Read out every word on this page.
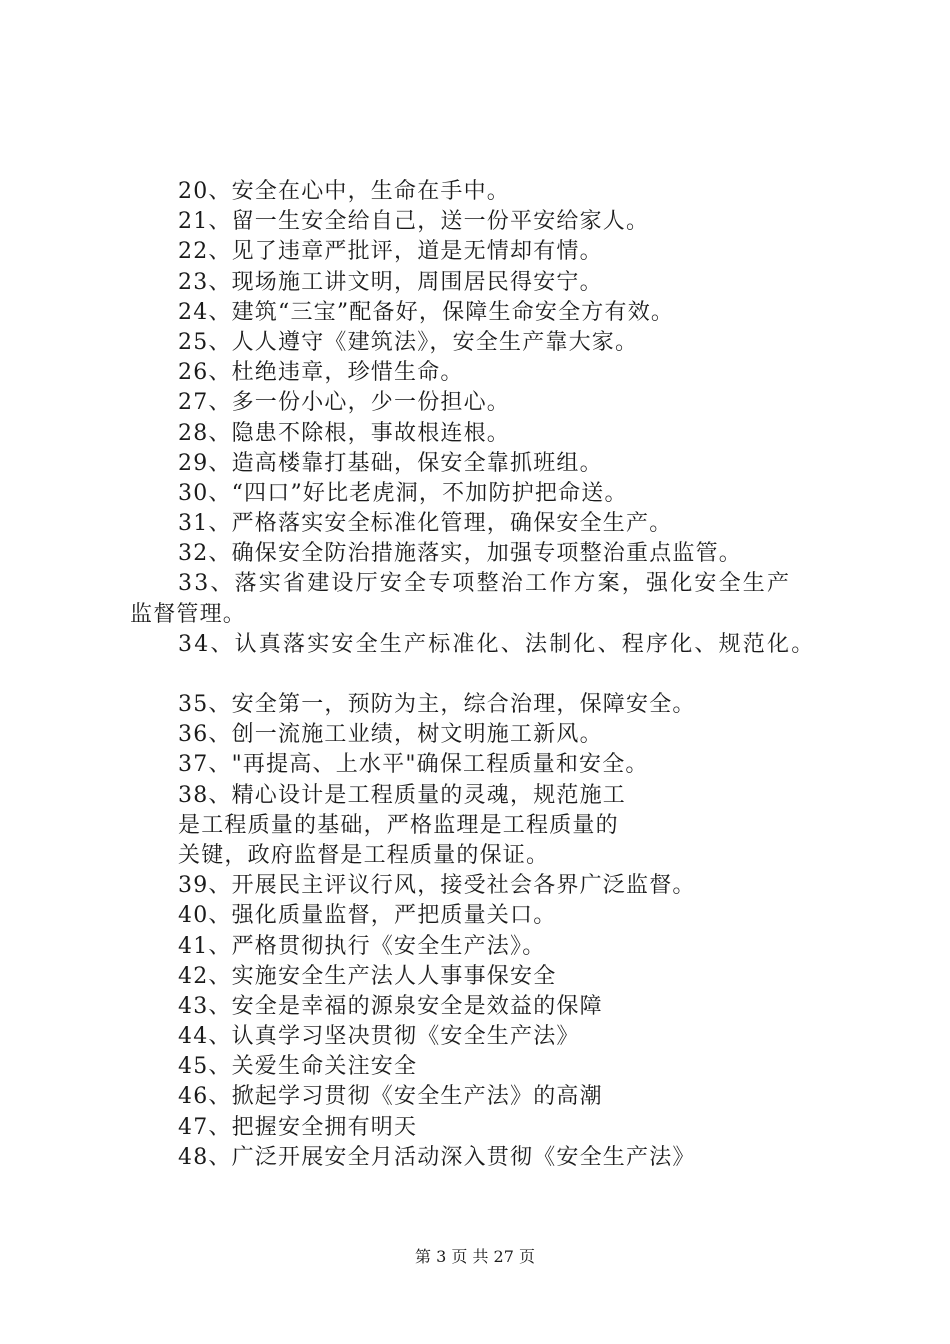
20、安全在心中，生命在手中。
21、留一生安全给自己，送一份平安给家人。
22、见了违章严批评，道是无情却有情。
23、现场施工讲文明，周围居民得安宁。
24、建筑“三宝”配备好，保障生命安全方有效。
25、人人遵守《建筑法》，安全生产靠大家。
26、杜绝违章，珍惜生命。
27、多一份小心，少一份担心。
28、隐患不除根，事故根连根。
29、造高楼靠打基础，保安全靠抓班组。
30、“四口”好比老虎洞，不加防护把命送。
31、严格落实安全标准化管理，确保安全生产。
32、确保安全防治措施落实，加强专项整治重点监管。
33、落实省建设厅安全专项整治工作方案，强化安全生产
监督管理。
34、认真落实安全生产标准化、法制化、程序化、规范化。
35、安全第一，预防为主，综合治理，保障安全。
36、创一流施工业绩，树文明施工新风。
37、"再提高、上水平"确保工程质量和安全。
38、精心设计是工程质量的灵魂，规范施工
是工程质量的基础，严格监理是工程质量的
关键，政府监督是工程质量的保证。
39、开展民主评议行风，接受社会各界广泛监督。
40、强化质量监督，严把质量关口。
41、严格贯彻执行《安全生产法》。
42、实施安全生产法人人事事保安全
43、安全是幸福的源泉安全是效益的保障
44、认真学习坚决贯彻《安全生产法》
45、关爱生命关注安全
46、掀起学习贯彻《安全生产法》的高潮
47、把握安全拥有明天
48、广泛开展安全月活动深入贯彻《安全生产法》
第 3 页 共 27 页
